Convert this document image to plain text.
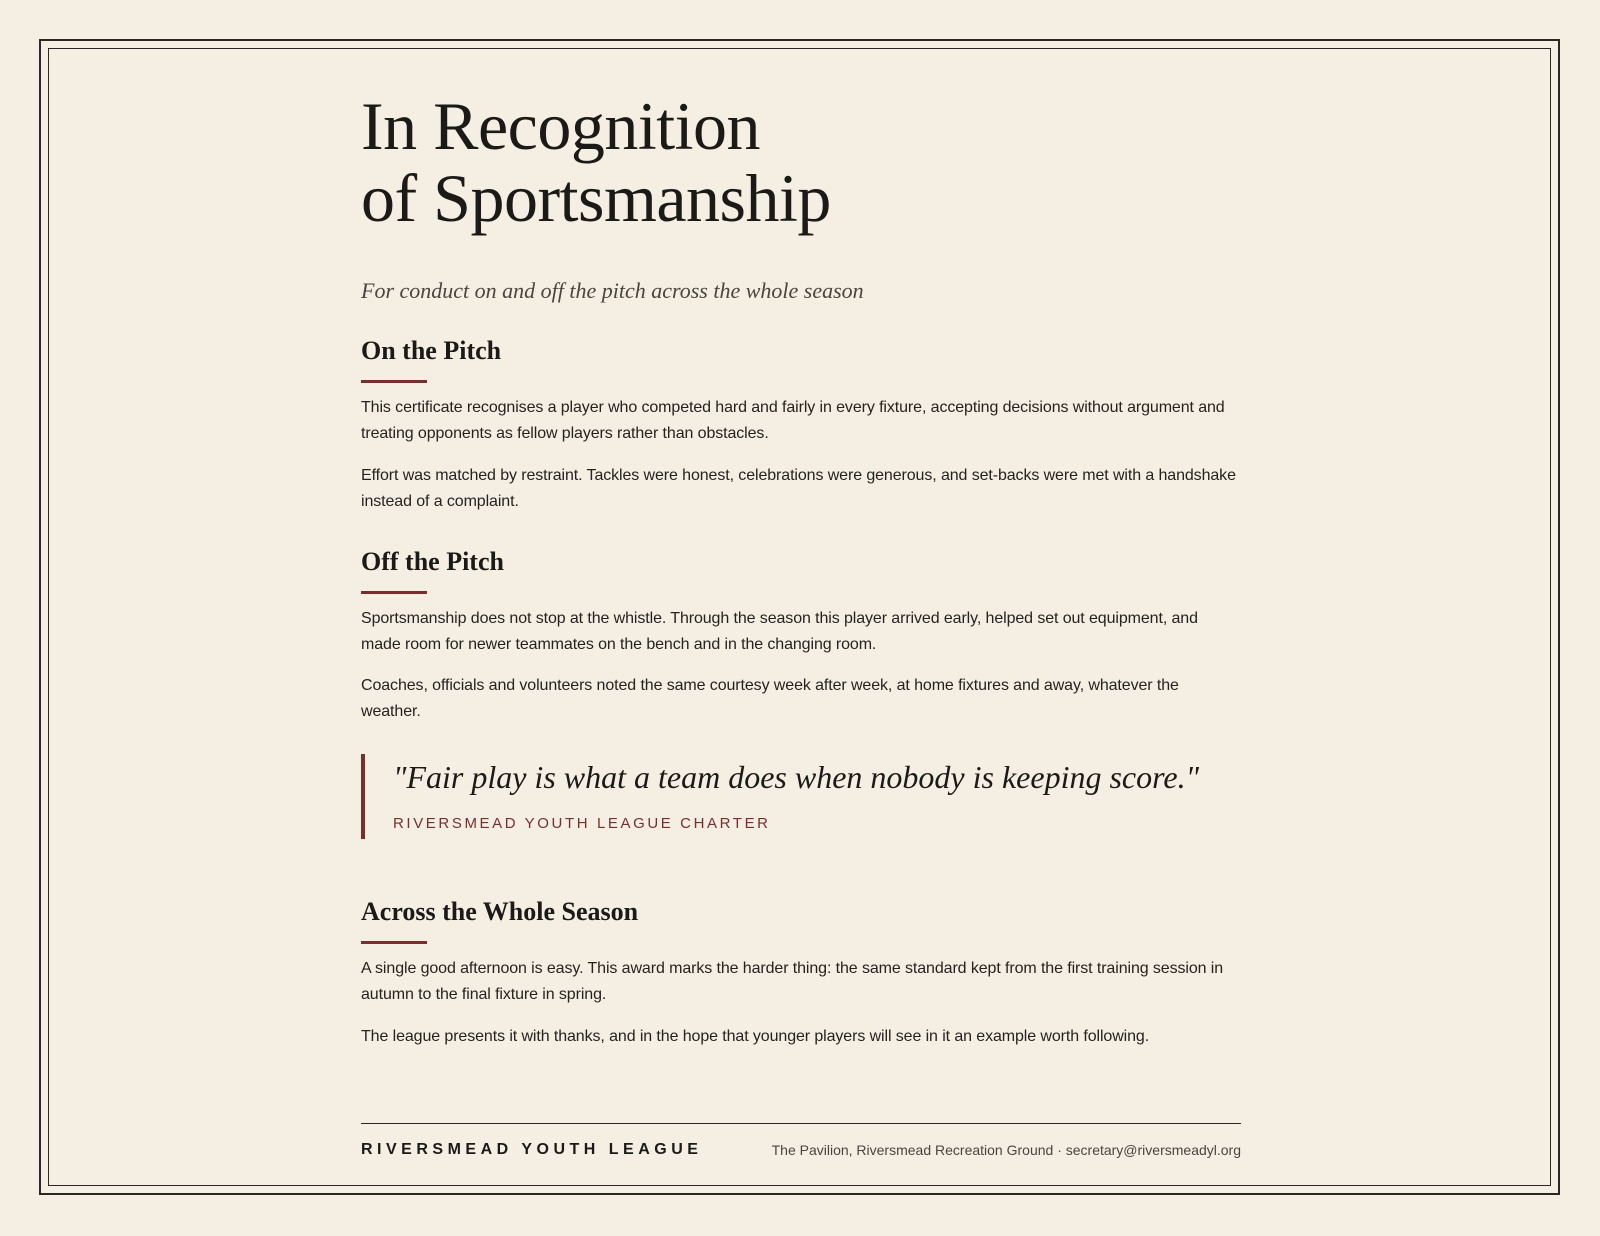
In Recognition
of Sportsmanship

For conduct on and off the pitch across the whole season

On the Pitch

This certificate recognises a player who competed hard and fairly in every fixture, accepting decisions without argument and treating opponents as fellow players rather than obstacles.

Effort was matched by restraint. Tackles were honest, celebrations were generous, and set-backs were met with a handshake instead of a complaint.

Off the Pitch

Sportsmanship does not stop at the whistle. Through the season this player arrived early, helped set out equipment, and made room for newer teammates on the bench and in the changing room.

Coaches, officials and volunteers noted the same courtesy week after week, at home fixtures and away, whatever the weather.

"Fair play is what a team does when nobody is keeping score."

RIVERSMEAD YOUTH LEAGUE CHARTER

Across the Whole Season

A single good afternoon is easy. This award marks the harder thing: the same standard kept from the first training session in autumn to the final fixture in spring.

The league presents it with thanks, and in the hope that younger players will see in it an example worth following.

RIVERSMEAD YOUTH LEAGUE	The Pavilion, Riversmead Recreation Ground · secretary@riversmeadyl.org
